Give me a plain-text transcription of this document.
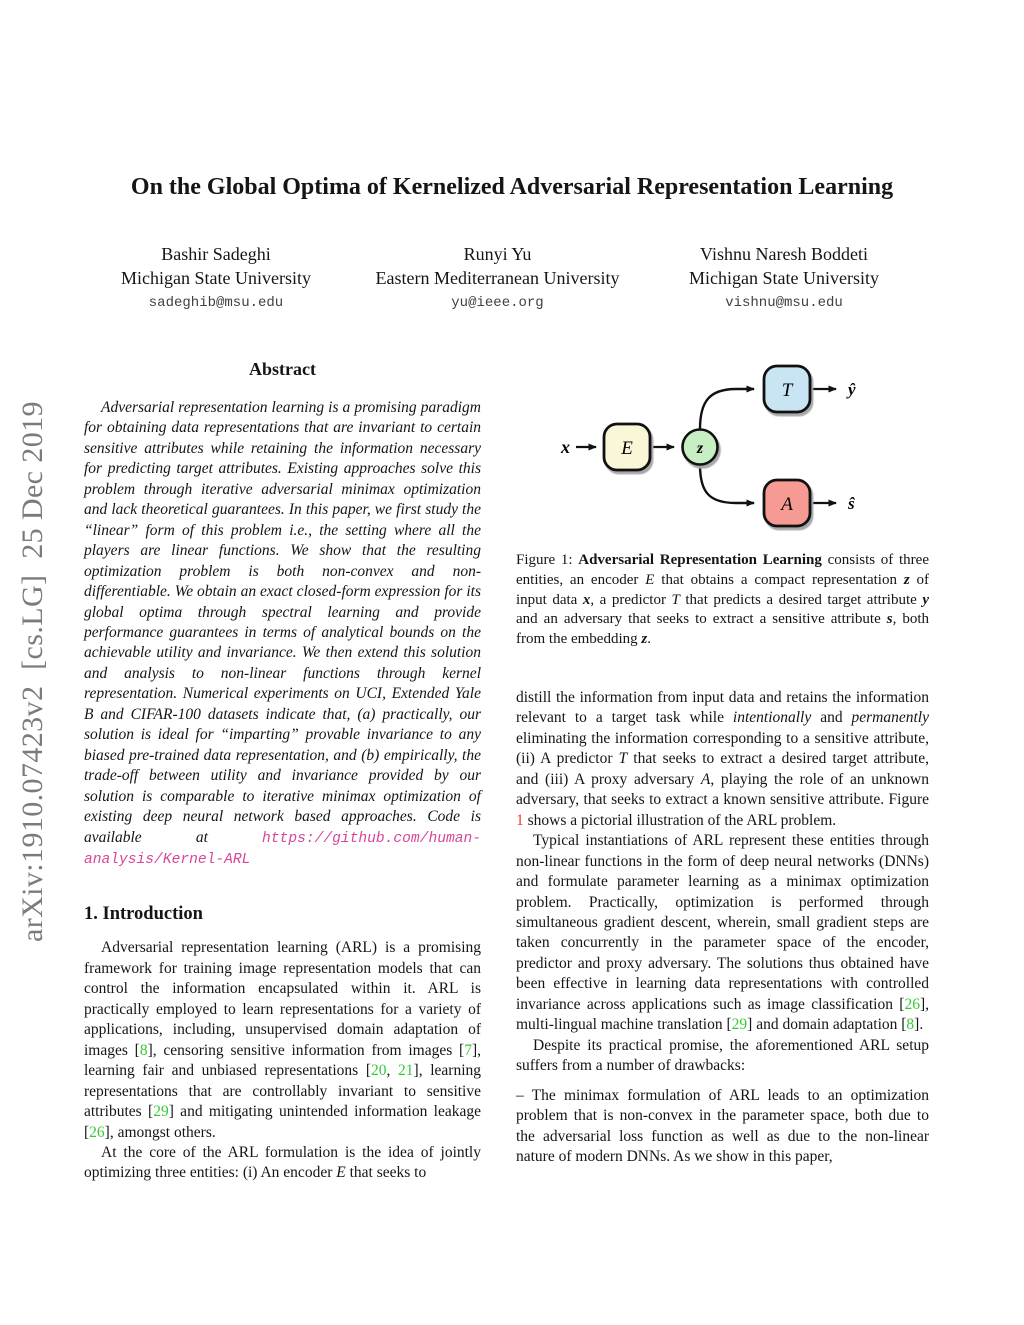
arXiv:1910.07423v2  [cs.LG]  25 Dec 2019
On the Global Optima of Kernelized Adversarial Representation Learning
Bashir Sadeghi
Michigan State University
sadeghib@msu.edu
Runyi Yu
Eastern Mediterranean University
yu@ieee.org
Vishnu Naresh Boddeti
Michigan State University
vishnu@msu.edu
Abstract

Adversarial representation learning is a promising paradigm for obtaining data representations that are invariant to certain sensitive attributes while retaining the information necessary for predicting target attributes. Existing approaches solve this problem through iterative adversarial minimax optimization and lack theoretical guarantees. In this paper, we first study the “linear” form of this problem i.e., the setting where all the players are linear functions. We show that the resulting optimization problem is both non-convex and non-differentiable. We obtain an exact closed-form expression for its global optima through spectral learning and provide performance guarantees in terms of analytical bounds on the achievable utility and invariance. We then extend this solution and analysis to non-linear functions through kernel representation. Numerical experiments on UCI, Extended Yale B and CIFAR-100 datasets indicate that, (a) practically, our solution is ideal for “imparting” provable invariance to any biased pre-trained data representation, and (b) empirically, the trade-off between utility and invariance provided by our solution is comparable to iterative minimax optimization of existing deep neural network based approaches. Code is available at https://github.com/human-analysis/Kernel-ARL

1. Introduction

Adversarial representation learning (ARL) is a promising framework for training image representation models that can control the information encapsulated within it. ARL is practically employed to learn representations for a variety of applications, including, unsupervised domain adaptation of images [8], censoring sensitive information from images [7], learning fair and unbiased representations [20, 21], learning representations that are controllably invariant to sensitive attributes [29] and mitigating unintended information leakage [26], amongst others.

At the core of the ARL formulation is the idea of jointly optimizing three entities: (i) An encoder E that seeks to

x	E	z
T
A
ŷ
ŝ

Figure 1: Adversarial Representation Learning consists of three entities, an encoder E that obtains a compact representation z of input data x, a predictor T that predicts a desired target attribute y and an adversary that seeks to extract a sensitive attribute s, both from the embedding z.

distill the information from input data and retains the information relevant to a target task while intentionally and permanently eliminating the information corresponding to a sensitive attribute, (ii) A predictor T that seeks to extract a desired target attribute, and (iii) A proxy adversary A, playing the role of an unknown adversary, that seeks to extract a known sensitive attribute. Figure 1 shows a pictorial illustration of the ARL problem.

Typical instantiations of ARL represent these entities through non-linear functions in the form of deep neural networks (DNNs) and formulate parameter learning as a minimax optimization problem. Practically, optimization is performed through simultaneous gradient descent, wherein, small gradient steps are taken concurrently in the parameter space of the encoder, predictor and proxy adversary. The solutions thus obtained have been effective in learning data representations with controlled invariance across applications such as image classification [26], multi-lingual machine translation [29] and domain adaptation [8].

Despite its practical promise, the aforementioned ARL setup suffers from a number of drawbacks:

– The minimax formulation of ARL leads to an optimization problem that is non-convex in the parameter space, both due to the adversarial loss function as well as due to the non-linear nature of modern DNNs. As we show in this paper,
